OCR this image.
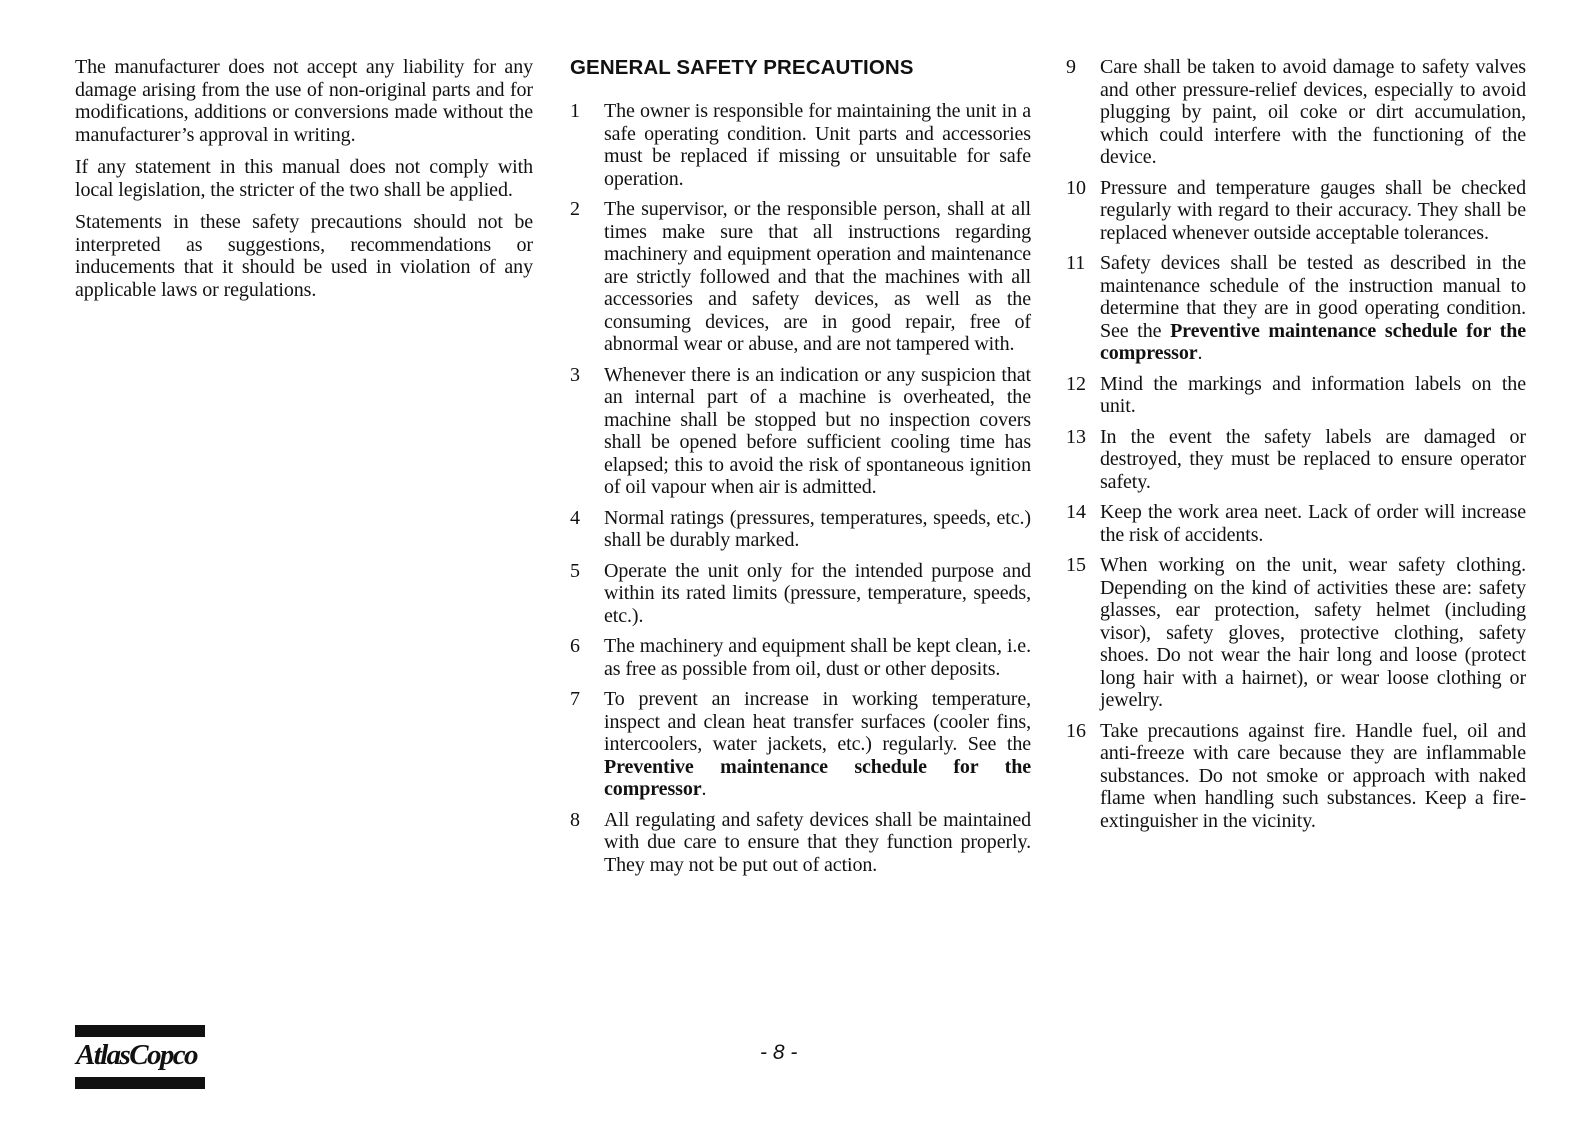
The manufacturer does not accept any liability for any damage arising from the use of non-original parts and for modifications, additions or conversions made without the manufacturer’s approval in writing.

If any statement in this manual does not comply with local legislation, the stricter of the two shall be applied.

Statements in these safety precautions should not be interpreted as suggestions, recommendations or inducements that it should be used in violation of any applicable laws or regulations.

GENERAL SAFETY PRECAUTIONS
1	The owner is responsible for maintaining the unit in a safe operating condition. Unit parts and accessories must be replaced if missing or unsuitable for safe operation.
2	The supervisor, or the responsible person, shall at all times make sure that all instructions regarding machinery and equipment operation and maintenance are strictly followed and that the machines with all accessories and safety devices, as well as the consuming devices, are in good repair, free of abnormal wear or abuse, and are not tampered with.
3	Whenever there is an indication or any suspicion that an internal part of a machine is overheated, the machine shall be stopped but no inspection covers shall be opened before sufficient cooling time has elapsed; this to avoid the risk of spontaneous ignition of oil vapour when air is admitted.
4	Normal ratings (pressures, temperatures, speeds, etc.) shall be durably marked.
5	Operate the unit only for the intended purpose and within its rated limits (pressure, temperature, speeds, etc.).
6	The machinery and equipment shall be kept clean, i.e. as free as possible from oil, dust or other deposits.
7	To prevent an increase in working temperature, inspect and clean heat transfer surfaces (cooler fins, intercoolers, water jackets, etc.) regularly. See the Preventive maintenance schedule for the compressor.
8	All regulating and safety devices shall be maintained with due care to ensure that they function properly. They may not be put out of action.
9	Care shall be taken to avoid damage to safety valves and other pressure-relief devices, especially to avoid plugging by paint, oil coke or dirt accumulation, which could interfere with the functioning of the device.
10 Pressure and temperature gauges shall be checked regularly with regard to their accuracy. They shall be replaced whenever outside acceptable tolerances.
11 Safety devices shall be tested as described in the maintenance schedule of the instruction manual to determine that they are in good operating condition. See the Preventive maintenance schedule for the compressor.
12 Mind the markings and information labels on the unit.
13 In the event the safety labels are damaged or destroyed, they must be replaced to ensure operator safety.
14 Keep the work area neet. Lack of order will increase the risk of accidents.
15 When working on the unit, wear safety clothing. Depending on the kind of activities these are: safety glasses, ear protection, safety helmet (including visor), safety gloves, protective clothing, safety shoes. Do not wear the hair long and loose (protect long hair with a hairnet), or wear loose clothing or jewelry.
16 Take precautions against fire. Handle fuel, oil and anti-freeze with care because they are inflammable substances. Do not smoke or approach with naked flame when handling such substances. Keep a fire-extinguisher in the vicinity.
AtlasCopco	- 8 -
